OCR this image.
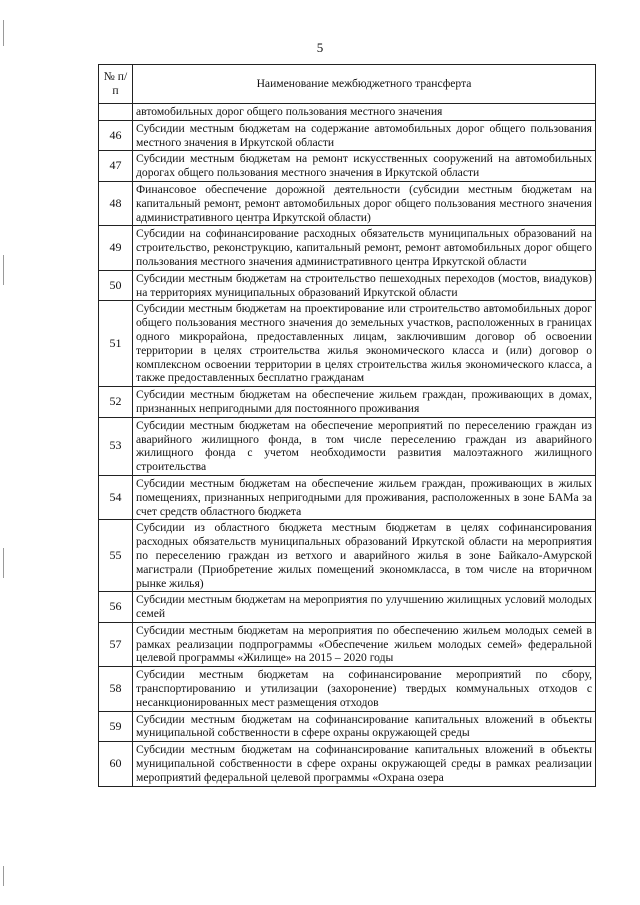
5
№ п/п	Наименование межбюджетного трансферта
	автомобильных дорог общего пользования местного значения
46	Субсидии местным бюджетам на содержание автомобильных дорог общего пользования местного значения в Иркутской области
47	Субсидии местным бюджетам на ремонт искусственных сооружений на автомобильных дорогах общего пользования местного значения в Иркутской области
48	Финансовое обеспечение дорожной деятельности (субсидии местным бюджетам на капитальный ремонт, ремонт автомобильных дорог общего пользования местного значения административного центра Иркутской области)
49	Субсидии на софинансирование расходных обязательств муниципальных образований на строительство, реконструкцию, капитальный ремонт, ремонт автомобильных дорог общего пользования местного значения административного центра Иркутской области
50	Субсидии местным бюджетам на строительство пешеходных переходов (мостов, виадуков) на территориях муниципальных образований Иркутской области
51	Субсидии местным бюджетам на проектирование или строительство автомобильных дорог общего пользования местного значения до земельных участков, расположенных в границах одного микрорайона, предоставленных лицам, заключившим договор об освоении территории в целях строительства жилья экономического класса и (или) договор о комплексном освоении территории в целях строительства жилья экономического класса, а также предоставленных бесплатно гражданам
52	Субсидии местным бюджетам на обеспечение жильем граждан, проживающих в домах, признанных непригодными для постоянного проживания
53	Субсидии местным бюджетам на обеспечение мероприятий по переселению граждан из аварийного жилищного фонда, в том числе переселению граждан из аварийного жилищного фонда с учетом необходимости развития малоэтажного жилищного строительства
54	Субсидии местным бюджетам на обеспечение жильем граждан, проживающих в жилых помещениях, признанных непригодными для проживания, расположенных в зоне БАМа за счет средств областного бюджета
55	Субсидии из областного бюджета местным бюджетам в целях софинансирования расходных обязательств муниципальных образований Иркутской области на мероприятия по переселению граждан из ветхого и аварийного жилья в зоне Байкало-Амурской магистрали (Приобретение жилых помещений экономкласса, в том числе на вторичном рынке жилья)
56	Субсидии местным бюджетам на мероприятия по улучшению жилищных условий молодых семей
57	Субсидии местным бюджетам на мероприятия по обеспечению жильем молодых семей в рамках реализации подпрограммы «Обеспечение жильем молодых семей» федеральной целевой программы «Жилище» на 2015 – 2020 годы
58	Субсидии местным бюджетам на софинансирование мероприятий по сбору, транспортированию и утилизации (захоронение) твердых коммунальных отходов с несанкционированных мест размещения отходов
59	Субсидии местным бюджетам на софинансирование капитальных вложений в объекты муниципальной собственности в сфере охраны окружающей среды
60	Субсидии местным бюджетам на софинансирование капитальных вложений в объекты муниципальной собственности в сфере охраны окружающей среды в рамках реализации мероприятий федеральной целевой программы «Охрана озера
